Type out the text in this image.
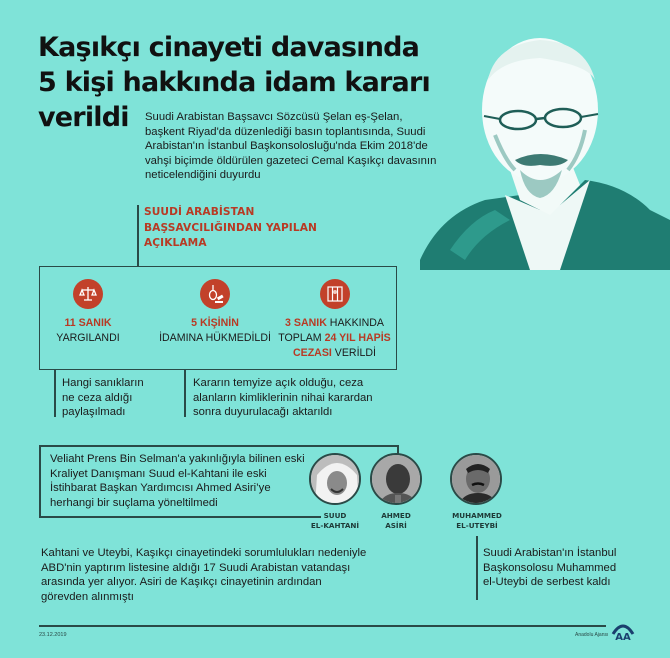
Kaşıkçı cinayeti davasında
5 kişi hakkında idam kararı
verildi	Suudi Arabistan Başsavcı Sözcüsü Şelan eş-Şelan, başkent Riyad'da düzenlediği basın toplantısında, Suudi Arabistan'ın İstanbul Başkonsolosluğu'nda Ekim 2018'de vahşi biçimde öldürülen gazeteci Cemal Kaşıkçı davasının neticelendiğini duyurdu
SUUDİ ARABİSTAN BAŞSAVCILIĞINDAN YAPILAN AÇIKLAMA
11 SANIK
YARGILANDI
5 KİŞİNİN
İDAMINA HÜKMEDİLDİ
3 SANIK HAKKINDA TOPLAM 24 YIL HAPİS CEZASI VERİLDİ
Hangi sanıkların ne ceza aldığı paylaşılmadı
Kararın temyize açık olduğu, ceza alanların kimliklerinin nihai karardan sonra duyurulacağı aktarıldı
Veliaht Prens Bin Selman'a yakınlığıyla bilinen eski Kraliyet Danışmanı Suud el-Kahtani ile eski İstihbarat Başkan Yardımcısı Ahmed Asiri’ye herhangi bir suçlama yöneltilmedi
SUUD
EL-KAHTANİ
AHMED
ASİRİ
MUHAMMED
EL-UTEYBİ
Kahtani ve Uteybi, Kaşıkçı cinayetindeki sorumlulukları nedeniyle ABD'nin yaptırım listesine aldığı 17 Suudi Arabistan vatandaşı arasında yer alıyor. Asiri de Kaşıkçı cinayetinin ardından görevden alınmıştı
Suudi Arabistan'ın İstanbul Başkonsolosu Muhammed el-Uteybi de serbest kaldı
23.12.2019	Anadolu Ajansı AA
